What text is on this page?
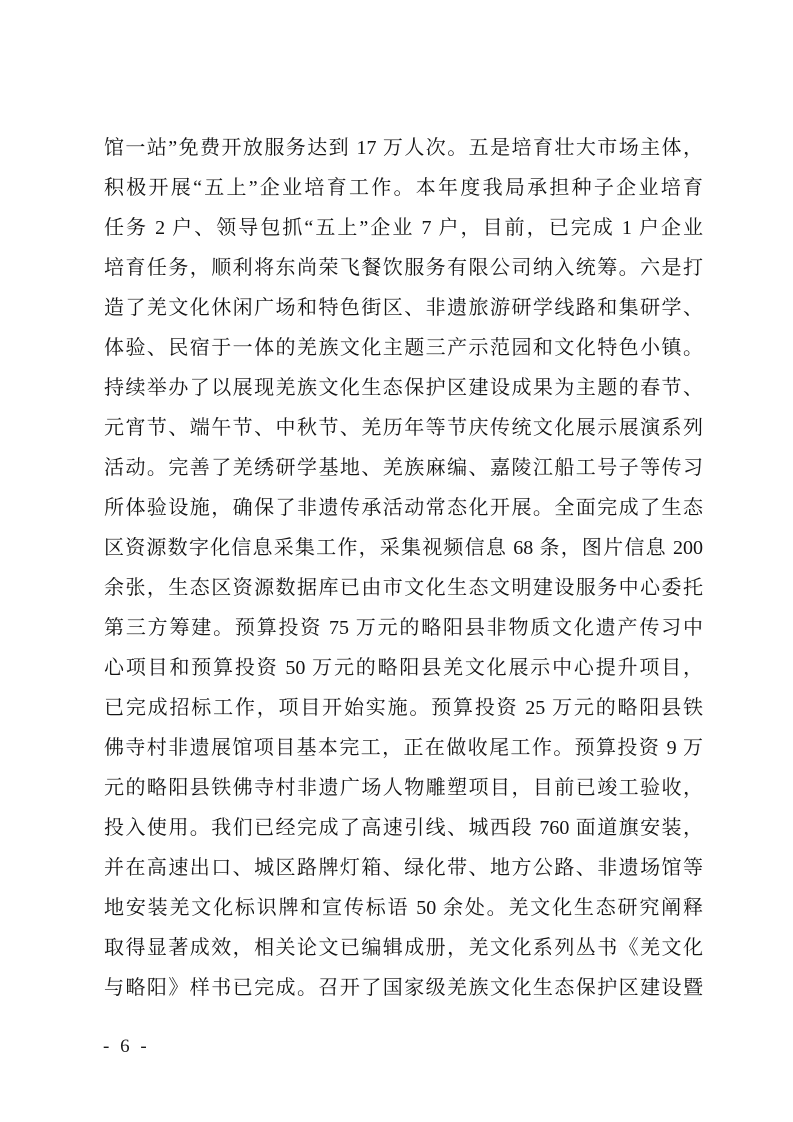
馆一站”免费开放服务达到 17 万人次。五是培育壮大市场主体，
积极开展“五上”企业培育工作。本年度我局承担种子企业培育
任务 2 户、领导包抓“五上”企业 7 户，目前，已完成 1 户企业
培育任务，顺利将东尚荣飞餐饮服务有限公司纳入统筹。六是打
造了羌文化休闲广场和特色街区、非遗旅游研学线路和集研学、
体验、民宿于一体的羌族文化主题三产示范园和文化特色小镇。
持续举办了以展现羌族文化生态保护区建设成果为主题的春节、
元宵节、端午节、中秋节、羌历年等节庆传统文化展示展演系列
活动。完善了羌绣研学基地、羌族麻编、嘉陵江船工号子等传习
所体验设施，确保了非遗传承活动常态化开展。全面完成了生态
区资源数字化信息采集工作，采集视频信息 68 条，图片信息 200
余张，生态区资源数据库已由市文化生态文明建设服务中心委托
第三方筹建。预算投资 75 万元的略阳县非物质文化遗产传习中
心项目和预算投资 50 万元的略阳县羌文化展示中心提升项目，
已完成招标工作，项目开始实施。预算投资 25 万元的略阳县铁
佛寺村非遗展馆项目基本完工，正在做收尾工作。预算投资 9 万
元的略阳县铁佛寺村非遗广场人物雕塑项目，目前已竣工验收，
投入使用。我们已经完成了高速引线、城西段 760 面道旗安装，
并在高速出口、城区路牌灯箱、绿化带、地方公路、非遗场馆等
地安装羌文化标识牌和宣传标语 50 余处。羌文化生态研究阐释
取得显著成效，相关论文已编辑成册，羌文化系列丛书《羌文化
与略阳》样书已完成。召开了国家级羌族文化生态保护区建设暨
- 6 -
